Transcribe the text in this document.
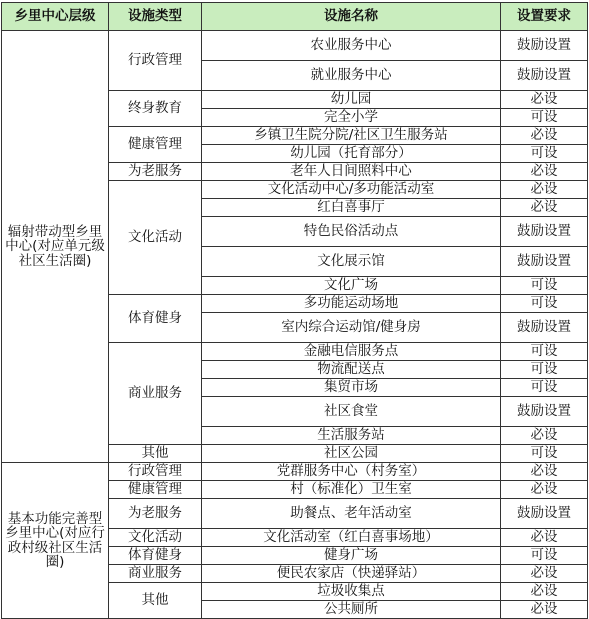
乡里中心层级	设施类型	设施名称	设置要求
辐射带动型乡里中心(对应单元级社区生活圈)	行政管理	农业服务中心	鼓励设置
		就业服务中心	鼓励设置
	终身教育	幼儿园	必设
		完全小学	可设
	健康管理	乡镇卫生院分院/社区卫生服务站	必设
		幼儿园（托育部分）	可设
	为老服务	老年人日间照料中心	必设
	文化活动	文化活动中心/多功能活动室	必设
		红白喜事厅	必设
		特色民俗活动点	鼓励设置
		文化展示馆	鼓励设置
		文化广场	可设
	体育健身	多功能运动场地	可设
		室内综合运动馆/健身房	鼓励设置
	商业服务	金融电信服务点	可设
		物流配送点	可设
		集贸市场	可设
		社区食堂	鼓励设置
		生活服务站	必设
	其他	社区公园	可设
基本功能完善型乡里中心(对应行政村级社区生活圈)	行政管理	党群服务中心（村务室）	必设
	健康管理	村（标准化）卫生室	必设
	为老服务	助餐点、老年活动室	鼓励设置
	文化活动	文化活动室（红白喜事场地）	必设
	体育健身	健身广场	可设
	商业服务	便民农家店（快递驿站）	必设
	其他	垃圾收集点	必设
		公共厕所	必设
